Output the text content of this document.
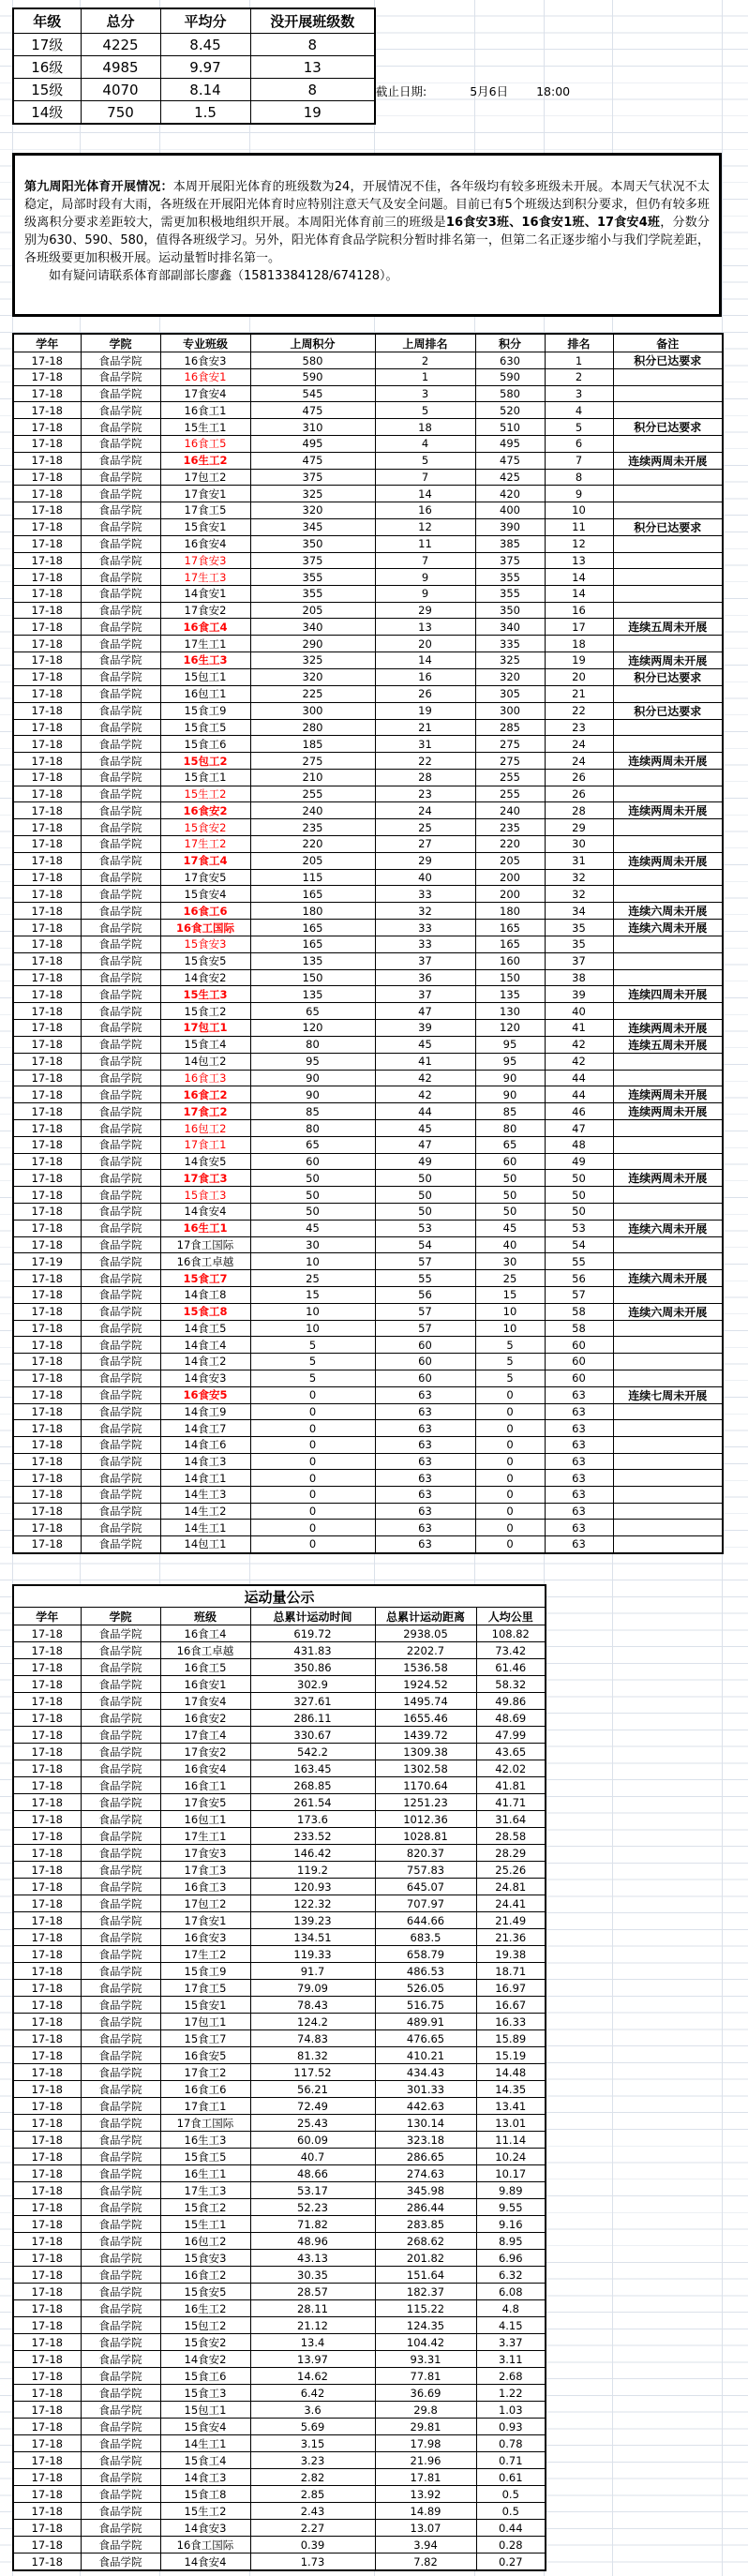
年级	总分	平均分	没开展班级数
17级	4225	8.45	8
16级	4985	9.97	13
15级	4070	8.14	8
14级	750	1.5	19
截止日期:	5月6日 18:00
第九周阳光体育开展情况：本周开展阳光体育的班级数为24，开展情况不佳，各年级均有较多班级未开展。本周天气状况不太稳定，局部时段有大雨，各班级在开展阳光体育时应特别注意天气及安全问题。目前已有5个班级达到积分要求，但仍有较多班级离积分要求差距较大，需更加积极地组织开展。本周阳光体育前三的班级是16食安3班、16食安1班、17食安4班，分数分别为630、590、580，值得各班级学习。另外，阳光体育食品学院积分暂时排名第一，但第二名正逐步缩小与我们学院差距，各班级要更加积极开展。运动量暂时排名第一。
如有疑问请联系体育部副部长廖鑫（15813384128/674128）。
学年	学院	专业班级	上周积分	上周排名	积分	排名	备注
17-18	食品学院	16食安3	580	2	630	1	积分已达要求
17-18	食品学院	16食安1	590	1	590	2	
17-18	食品学院	17食安4	545	3	580	3	
17-18	食品学院	16食工1	475	5	520	4	
17-18	食品学院	15生工1	310	18	510	5	积分已达要求
17-18	食品学院	16食工5	495	4	495	6	
17-18	食品学院	16生工2	475	5	475	7	连续两周未开展
17-18	食品学院	17包工2	375	7	425	8	
17-18	食品学院	17食安1	325	14	420	9	
17-18	食品学院	17食工5	320	16	400	10	
17-18	食品学院	15食安1	345	12	390	11	积分已达要求
17-18	食品学院	16食安4	350	11	385	12	
17-18	食品学院	17食安3	375	7	375	13	
17-18	食品学院	17生工3	355	9	355	14	
17-18	食品学院	14食安1	355	9	355	14	
17-18	食品学院	17食安2	205	29	350	16	
17-18	食品学院	16食工4	340	13	340	17	连续五周未开展
17-18	食品学院	17生工1	290	20	335	18	
17-18	食品学院	16生工3	325	14	325	19	连续两周未开展
17-18	食品学院	15包工1	320	16	320	20	积分已达要求
17-18	食品学院	16包工1	225	26	305	21	
17-18	食品学院	15食工9	300	19	300	22	积分已达要求
17-18	食品学院	15食工5	280	21	285	23	
17-18	食品学院	15食工6	185	31	275	24	
17-18	食品学院	15包工2	275	22	275	24	连续两周未开展
17-18	食品学院	15食工1	210	28	255	26	
17-18	食品学院	15生工2	255	23	255	26	
17-18	食品学院	16食安2	240	24	240	28	连续两周未开展
17-18	食品学院	15食安2	235	25	235	29	
17-18	食品学院	17生工2	220	27	220	30	
17-18	食品学院	17食工4	205	29	205	31	连续两周未开展
17-18	食品学院	17食安5	115	40	200	32	
17-18	食品学院	15食安4	165	33	200	32	
17-18	食品学院	16食工6	180	32	180	34	连续六周未开展
17-18	食品学院	16食工国际	165	33	165	35	连续六周未开展
17-18	食品学院	15食安3	165	33	165	35	
17-18	食品学院	15食安5	135	37	160	37	
17-18	食品学院	14食安2	150	36	150	38	
17-18	食品学院	15生工3	135	37	135	39	连续四周未开展
17-18	食品学院	15食工2	65	47	130	40	
17-18	食品学院	17包工1	120	39	120	41	连续两周未开展
17-18	食品学院	15食工4	80	45	95	42	连续五周未开展
17-18	食品学院	14包工2	95	41	95	42	
17-18	食品学院	16食工3	90	42	90	44	
17-18	食品学院	16食工2	90	42	90	44	连续两周未开展
17-18	食品学院	17食工2	85	44	85	46	连续两周未开展
17-18	食品学院	16包工2	80	45	80	47	
17-18	食品学院	17食工1	65	47	65	48	
17-18	食品学院	14食安5	60	49	60	49	
17-18	食品学院	17食工3	50	50	50	50	连续两周未开展
17-18	食品学院	15食工3	50	50	50	50	
17-18	食品学院	14食安4	50	50	50	50	
17-18	食品学院	16生工1	45	53	45	53	连续六周未开展
17-18	食品学院	17食工国际	30	54	40	54	
17-19	食品学院	16食工卓越	10	57	30	55	
17-18	食品学院	15食工7	25	55	25	56	连续六周未开展
17-18	食品学院	14食工8	15	56	15	57	
17-18	食品学院	15食工8	10	57	10	58	连续六周未开展
17-18	食品学院	14食工5	10	57	10	58	
17-18	食品学院	14食工4	5	60	5	60	
17-18	食品学院	14食工2	5	60	5	60	
17-18	食品学院	14食安3	5	60	5	60	
17-18	食品学院	16食安5	0	63	0	63	连续七周未开展
17-18	食品学院	14食工9	0	63	0	63	
17-18	食品学院	14食工7	0	63	0	63	
17-18	食品学院	14食工6	0	63	0	63	
17-18	食品学院	14食工3	0	63	0	63	
17-18	食品学院	14食工1	0	63	0	63	
17-18	食品学院	14生工3	0	63	0	63	
17-18	食品学院	14生工2	0	63	0	63	
17-18	食品学院	14生工1	0	63	0	63	
17-18	食品学院	14包工1	0	63	0	63	
运动量公示					
学年	学院	班级	总累计运动时间	总累计运动距离	人均公里
17-18	食品学院	16食工4	619.72	2938.05	108.82
17-18	食品学院	16食工卓越	431.83	2202.7	73.42
17-18	食品学院	16食工5	350.86	1536.58	61.46
17-18	食品学院	16食安1	302.9	1924.52	58.32
17-18	食品学院	17食安4	327.61	1495.74	49.86
17-18	食品学院	16食安2	286.11	1655.46	48.69
17-18	食品学院	17食工4	330.67	1439.72	47.99
17-18	食品学院	17食安2	542.2	1309.38	43.65
17-18	食品学院	16食安4	163.45	1302.58	42.02
17-18	食品学院	16食工1	268.85	1170.64	41.81
17-18	食品学院	17食安5	261.54	1251.23	41.71
17-18	食品学院	16包工1	173.6	1012.36	31.64
17-18	食品学院	17生工1	233.52	1028.81	28.58
17-18	食品学院	17食安3	146.42	820.37	28.29
17-18	食品学院	17食工3	119.2	757.83	25.26
17-18	食品学院	16食工3	120.93	645.07	24.81
17-18	食品学院	17包工2	122.32	707.97	24.41
17-18	食品学院	17食安1	139.23	644.66	21.49
17-18	食品学院	16食安3	134.51	683.5	21.36
17-18	食品学院	17生工2	119.33	658.79	19.38
17-18	食品学院	15食工9	91.7	486.53	18.71
17-18	食品学院	17食工5	79.09	526.05	16.97
17-18	食品学院	15食安1	78.43	516.75	16.67
17-18	食品学院	17包工1	124.2	489.91	16.33
17-18	食品学院	15食工7	74.83	476.65	15.89
17-18	食品学院	16食安5	81.32	410.21	15.19
17-18	食品学院	17食工2	117.52	434.43	14.48
17-18	食品学院	16食工6	56.21	301.33	14.35
17-18	食品学院	17食工1	72.49	442.63	13.41
17-18	食品学院	17食工国际	25.43	130.14	13.01
17-18	食品学院	16生工3	60.09	323.18	11.14
17-18	食品学院	15食工5	40.7	286.65	10.24
17-18	食品学院	16生工1	48.66	274.63	10.17
17-18	食品学院	17生工3	53.17	345.98	9.89
17-18	食品学院	15食工2	52.23	286.44	9.55
17-18	食品学院	15生工1	71.82	283.85	9.16
17-18	食品学院	16包工2	48.96	268.62	8.95
17-18	食品学院	15食安3	43.13	201.82	6.96
17-18	食品学院	16食工2	30.35	151.64	6.32
17-18	食品学院	15食安5	28.57	182.37	6.08
17-18	食品学院	16生工2	28.11	115.22	4.8
17-18	食品学院	15包工2	21.12	124.35	4.15
17-18	食品学院	15食安2	13.4	104.42	3.37
17-18	食品学院	14食安2	13.97	93.31	3.11
17-18	食品学院	15食工6	14.62	77.81	2.68
17-18	食品学院	15食工3	6.42	36.69	1.22
17-18	食品学院	15包工1	3.6	29.8	1.03
17-18	食品学院	15食安4	5.69	29.81	0.93
17-18	食品学院	14生工1	3.15	17.98	0.78
17-18	食品学院	15食工4	3.23	21.96	0.71
17-18	食品学院	14食工3	2.82	17.81	0.61
17-18	食品学院	15食工8	2.85	13.92	0.5
17-18	食品学院	15生工2	2.43	14.89	0.5
17-18	食品学院	14食安3	2.27	13.07	0.44
17-18	食品学院	16食工国际	0.39	3.94	0.28
17-18	食品学院	14食安4	1.73	7.82	0.27
